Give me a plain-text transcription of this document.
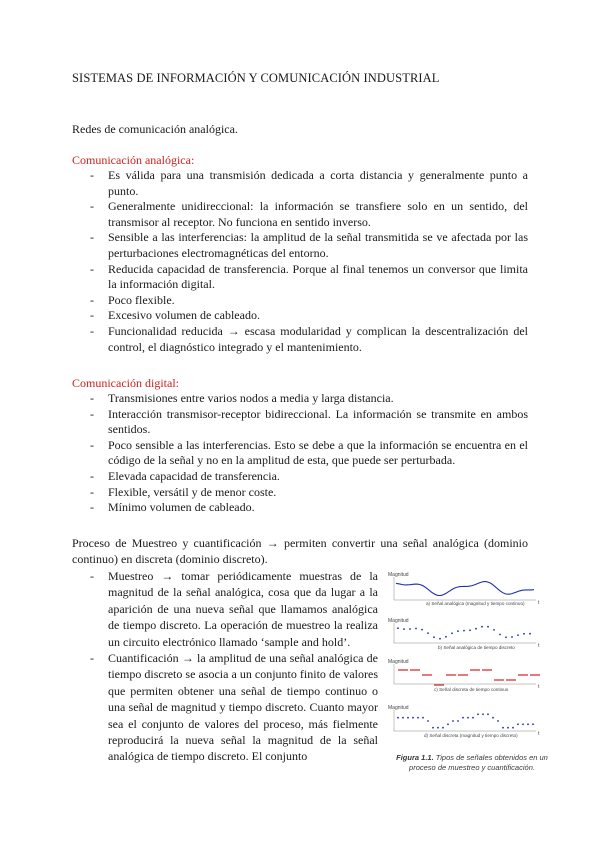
SISTEMAS DE INFORMACIÓN Y COMUNICACIÓN INDUSTRIAL
Redes de comunicación analógica.
Comunicación analógica:
- Es válida para una transmisión dedicada a corta distancia y generalmente punto a punto.
- Generalmente unidireccional: la información se transfiere solo en un sentido, del transmisor al receptor. No funciona en sentido inverso.
- Sensible a las interferencias: la amplitud de la señal transmitida se ve afectada por las perturbaciones electromagnéticas del entorno.
- Reducida capacidad de transferencia. Porque al final tenemos un conversor que limita la información digital.
- Poco flexible.
- Excesivo volumen de cableado.
- Funcionalidad reducida → escasa modularidad y complican la descentralización del control, el diagnóstico integrado y el mantenimiento.
Comunicación digital:
- Transmisiones entre varios nodos a media y larga distancia.
- Interacción transmisor-receptor bidireccional. La información se transmite en ambos sentidos.
- Poco sensible a las interferencias. Esto se debe a que la información se encuentra en el código de la señal y no en la amplitud de esta, que puede ser perturbada.
- Elevada capacidad de transferencia.
- Flexible, versátil y de menor coste.
- Mínimo volumen de cableado.
Proceso de Muestreo y cuantificación → permiten convertir una señal analógica (dominio continuo) en discreta (dominio discreto).
- Muestreo → tomar periódicamente muestras de la magnitud de la señal analógica, cosa que da lugar a la aparición de una nueva señal que llamamos analógica de tiempo discreto. La operación de muestreo la realiza un circuito electrónico llamado ‘sample and hold’.
- Cuantificación → la amplitud de una señal analógica de tiempo discreto se asocia a un conjunto finito de valores que permiten obtener una señal de tiempo continuo o una señal de magnitud y tiempo discreto. Cuanto mayor sea el conjunto de valores del proceso, más fielmente reproducirá la nueva señal la magnitud de la señal analógica de tiempo discreto. El conjunto
Magnitud
a) Señal analógica (magnitud y tiempo continuo)	t
Magnitud
b) Señal analógica de tiempo discreto	t
Magnitud
c) Señal discreta de tiempo continuo	t
Magnitud
d) Señal discreta (magnitud y tiempo discreto)	t
Figura 1.1. Tipos de señales obtenidos en un proceso de muestreo y cuantificación.
